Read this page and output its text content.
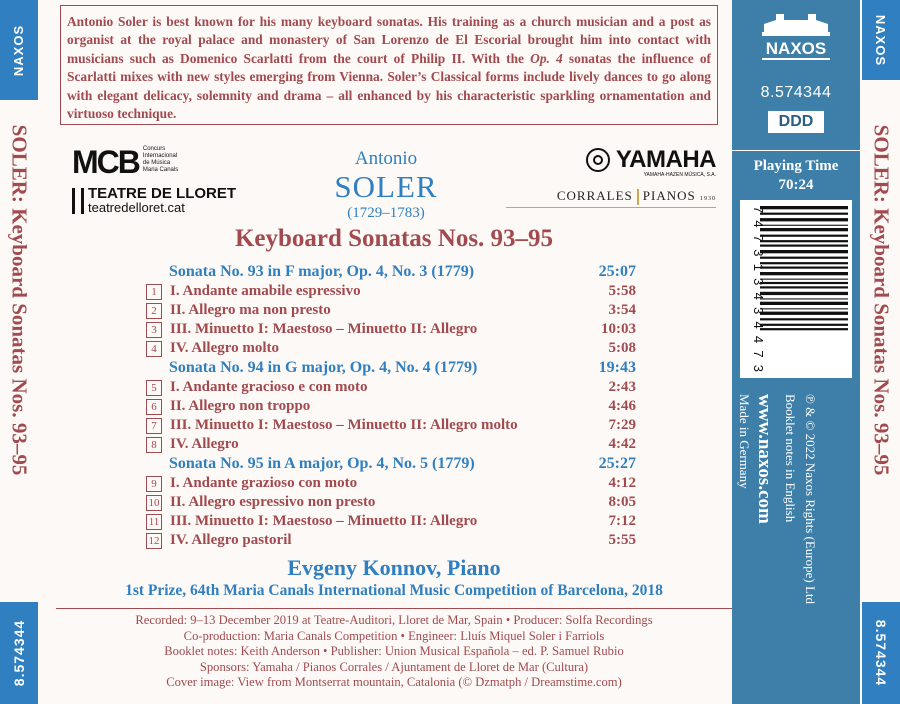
NAXOS
SOLER: Keyboard Sonatas Nos. 93–95
8.574344
Antonio Soler is best known for his many keyboard sonatas. His training as a church musician and a post as organist at the royal palace and monastery of San Lorenzo de El Escorial brought him into contact with musicians such as Domenico Scarlatti from the court of Philip II. With the Op. 4 sonatas the influence of Scarlatti mixes with new styles emerging from Vienna. Soler’s Classical forms include lively dances to go along with elegant delicacy, solemnity and drama – all enhanced by his characteristic sparkling ornamentation and virtuoso technique.
MCB Concurs
Internacional
de Música
Maria Canals
TEATRE DE LLORET
teatredelloret.cat
Antonio
SOLER
(1729–1783)
YAMAHA
YAMAHA-HAZEN MÚSICA, S.A.
CORRALES PIANOS 1930
Keyboard Sonatas Nos. 93–95
Sonata No. 93 in F major, Op. 4, No. 3 (1779)	25:07
1 I. Andante amabile espressivo	5:58
2 II. Allegro ma non presto	3:54
3 III. Minuetto I: Maestoso – Minuetto II: Allegro	10:03
4 IV. Allegro molto	5:08
Sonata No. 94 in G major, Op. 4, No. 4 (1779)	19:43
5 I. Andante gracioso e con moto	2:43
6 II. Allegro non troppo	4:46
7 III. Minuetto I: Maestoso – Minuetto II: Allegro molto	7:29
8 IV. Allegro	4:42
Sonata No. 95 in A major, Op. 4, No. 5 (1779)	25:27
9 I. Andante grazioso con moto	4:12
10 II. Allegro espressivo non presto	8:05
11 III. Minuetto I: Maestoso – Minuetto II: Allegro	7:12
12 IV. Allegro pastoril	5:55
Evgeny Konnov, Piano
1st Prize, 64th Maria Canals International Music Competition of Barcelona, 2018
Recorded: 9–13 December 2019 at Teatre-Auditori, Lloret de Mar, Spain • Producer: Solfa Recordings
Co-production: Maria Canals Competition • Engineer: Lluís Miquel Soler i Farriols
Booklet notes: Keith Anderson • Publisher: Union Musical Española – ed. P. Samuel Rubio
Sponsors: Yamaha / Pianos Corrales / Ajuntament de Lloret de Mar (Cultura)
Cover image: View from Montserrat mountain, Catalonia (© Dzmatph / Dreamstime.com)
NAXOS
8.574344
DDD
Playing Time
70:24
747313434473
℗ & © 2022 Naxos Rights (Europe) Ltd
Booklet notes in English
www.naxos.com
Made in Germany
NAXOS
SOLER: Keyboard Sonatas Nos. 93–95
8.574344
